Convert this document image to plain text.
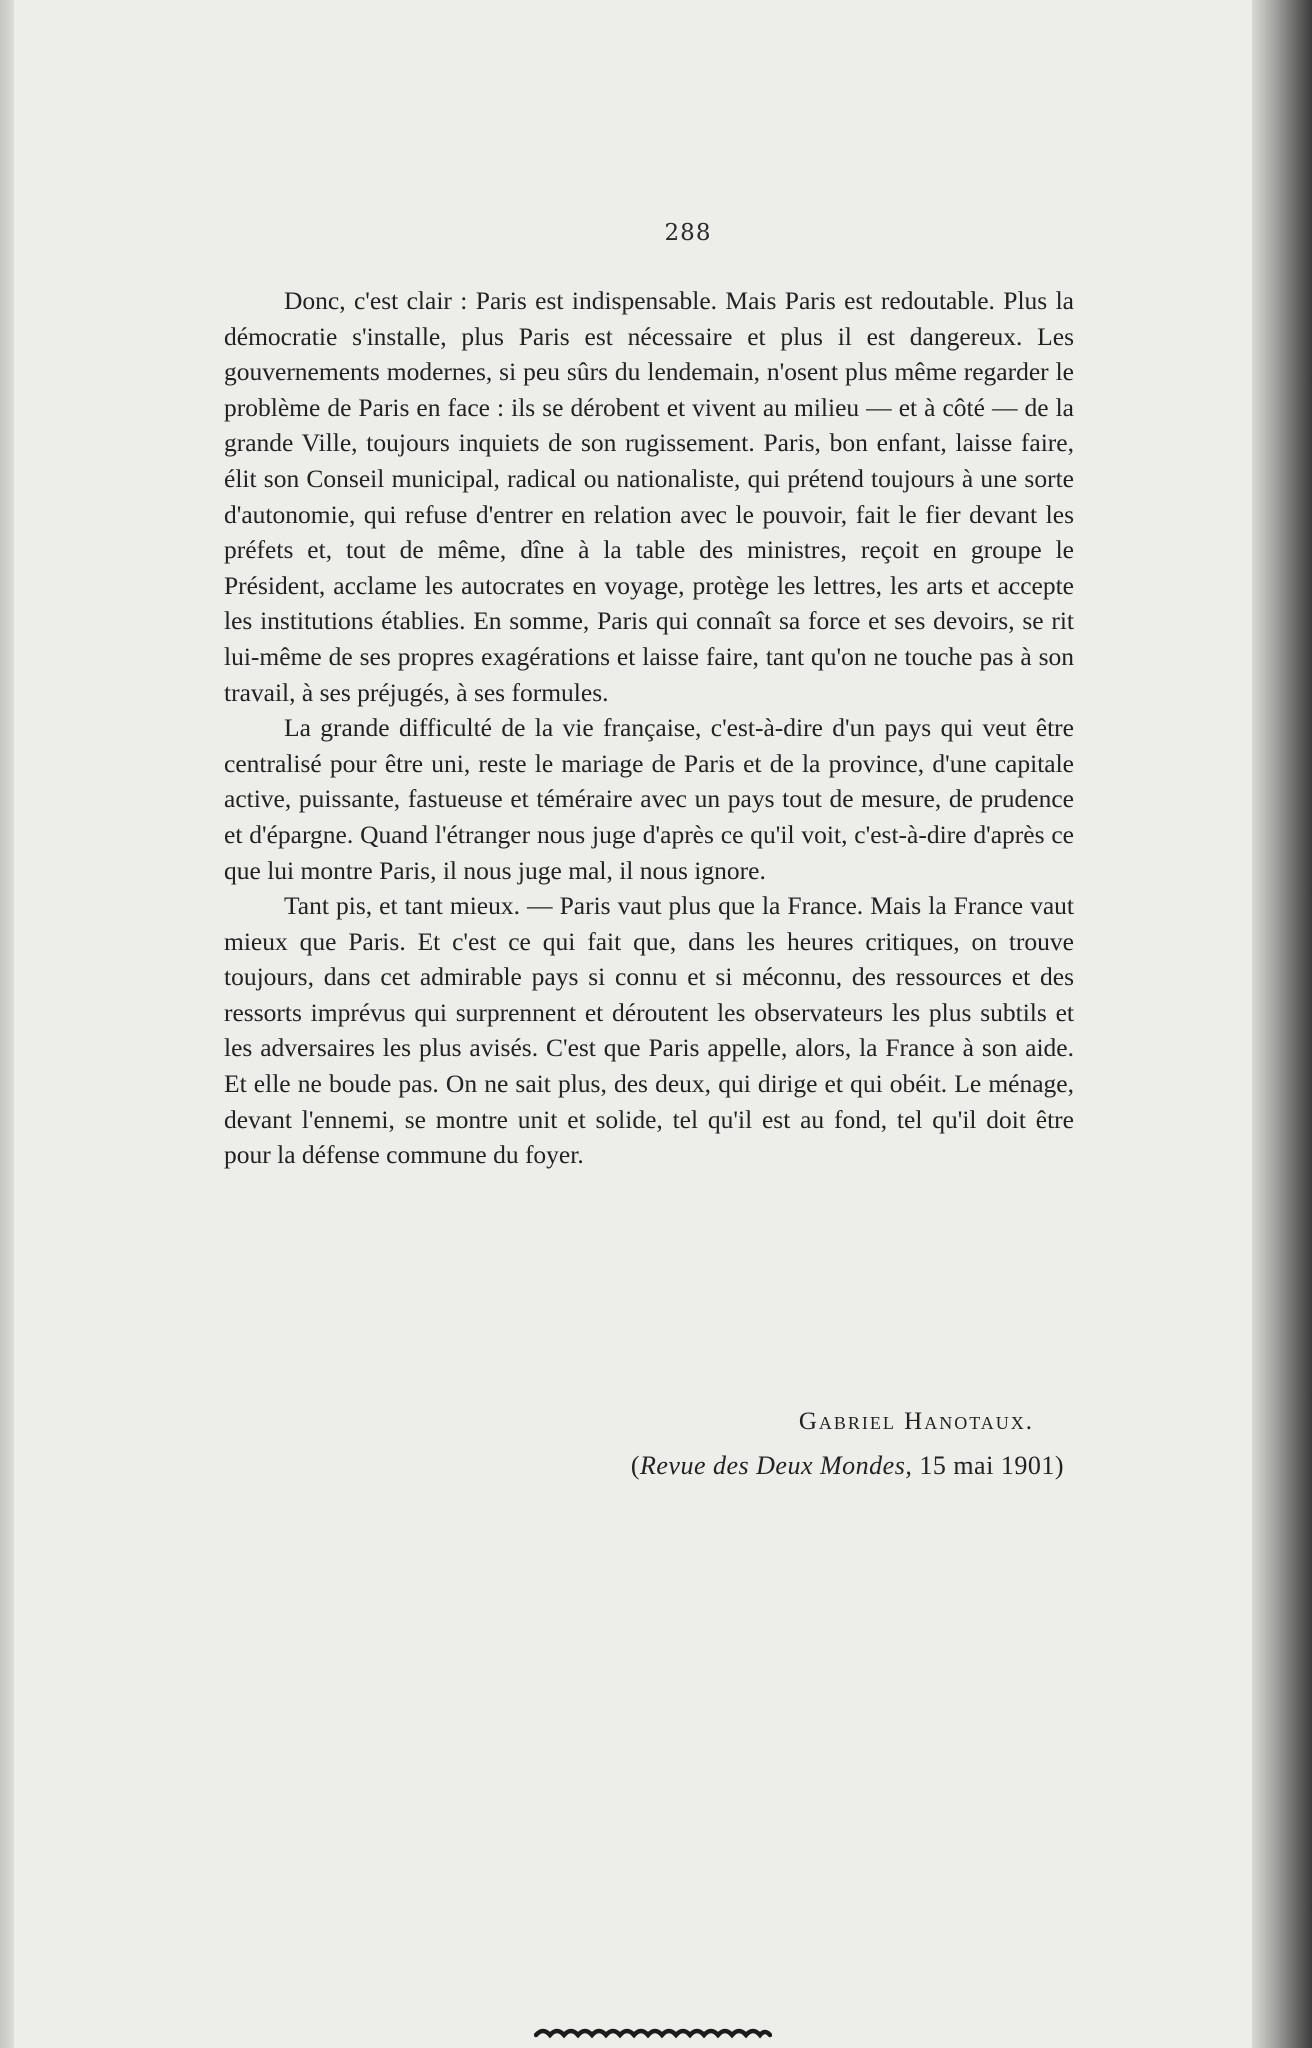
288

Donc, c'est clair : Paris est indispensable. Mais Paris est redoutable. Plus la démocratie s'installe, plus Paris est nécessaire et plus il est dangereux. Les gouvernements modernes, si peu sûrs du lendemain, n'osent plus même regarder le problème de Paris en face : ils se dérobent et vivent au milieu — et à côté — de la grande Ville, toujours inquiets de son rugissement. Paris, bon enfant, laisse faire, élit son Conseil municipal, radical ou nationaliste, qui prétend toujours à une sorte d'autonomie, qui refuse d'entrer en relation avec le pouvoir, fait le fier devant les préfets et, tout de même, dîne à la table des ministres, reçoit en groupe le Président, acclame les autocrates en voyage, protège les lettres, les arts et accepte les institutions établies. En somme, Paris qui connaît sa force et ses devoirs, se rit lui-même de ses propres exagérations et laisse faire, tant qu'on ne touche pas à son travail, à ses préjugés, à ses formules.

La grande difficulté de la vie française, c'est-à-dire d'un pays qui veut être centralisé pour être uni, reste le mariage de Paris et de la province, d'une capitale active, puissante, fastueuse et téméraire avec un pays tout de mesure, de prudence et d'épargne. Quand l'étranger nous juge d'après ce qu'il voit, c'est-à-dire d'après ce que lui montre Paris, il nous juge mal, il nous ignore.

Tant pis, et tant mieux. — Paris vaut plus que la France. Mais la France vaut mieux que Paris. Et c'est ce qui fait que, dans les heures critiques, on trouve toujours, dans cet admirable pays si connu et si méconnu, des ressources et des ressorts imprévus qui surprennent et déroutent les observateurs les plus subtils et les adversaires les plus avisés. C'est que Paris appelle, alors, la France à son aide. Et elle ne boude pas. On ne sait plus, des deux, qui dirige et qui obéit. Le ménage, devant l'ennemi, se montre unit et solide, tel qu'il est au fond, tel qu'il doit être pour la défense commune du foyer.

Gabriel Hanotaux.
(Revue des Deux Mondes, 15 mai 1901)
